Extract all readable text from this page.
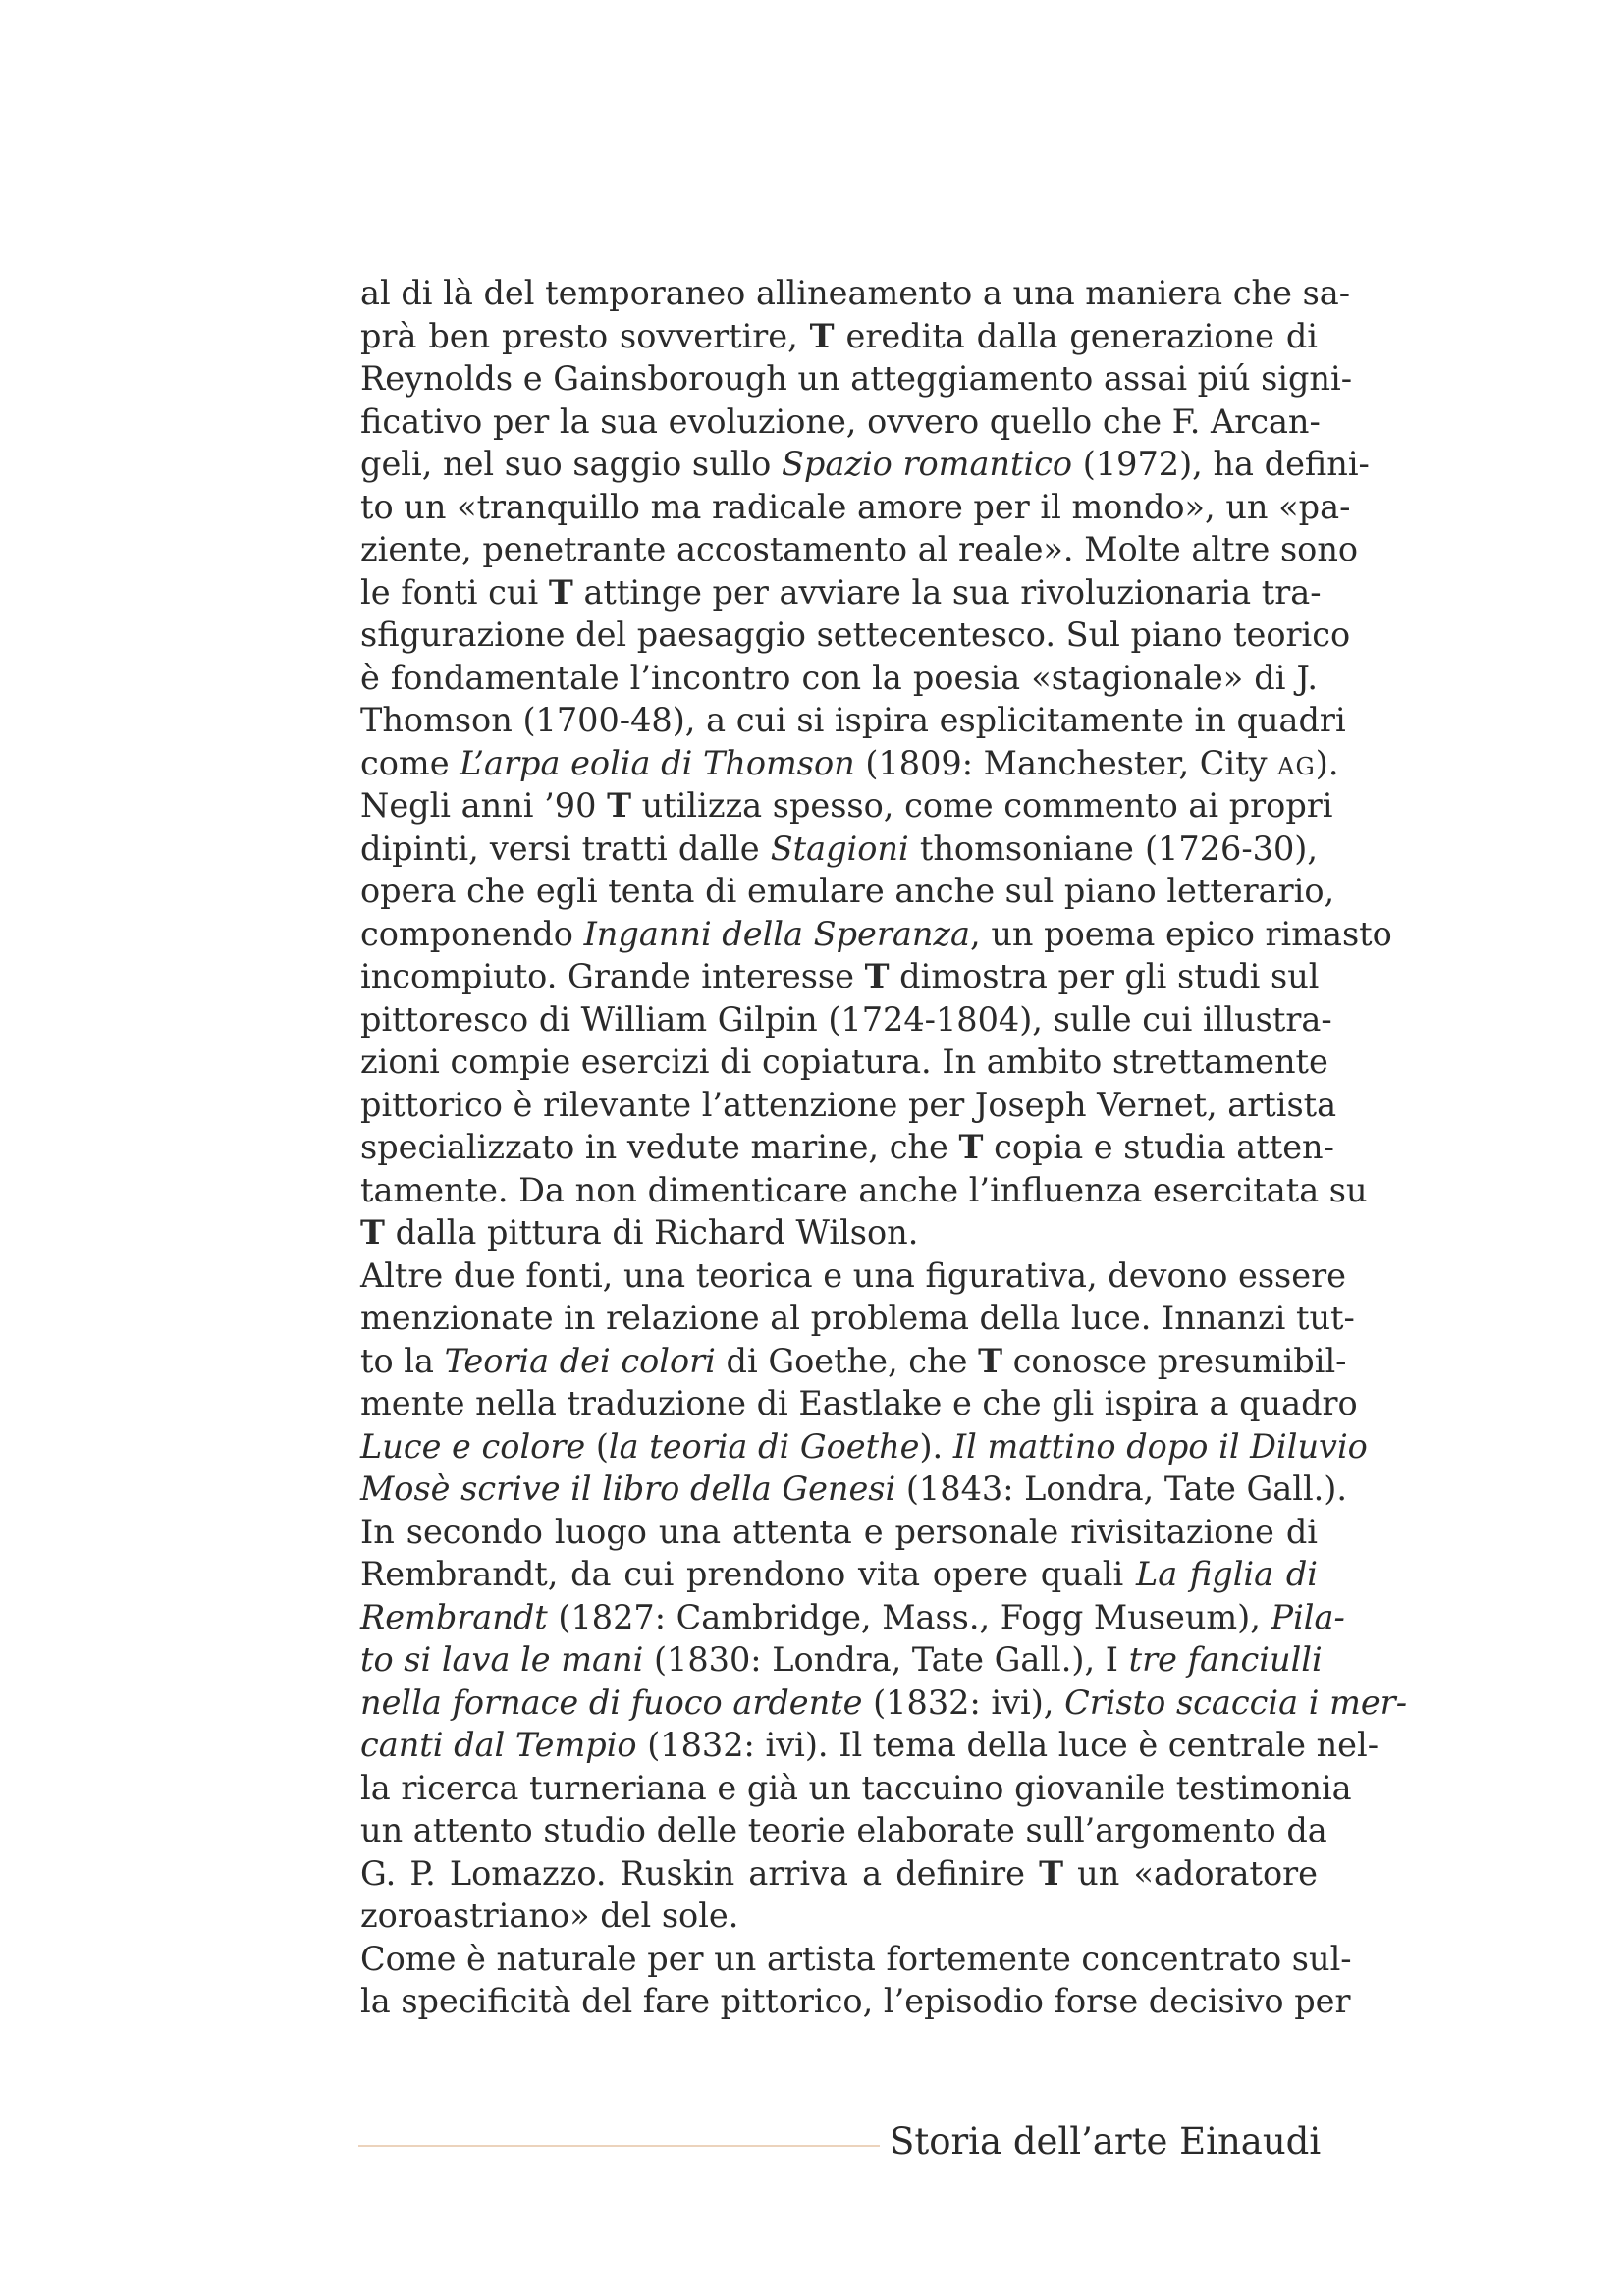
al di là del temporaneo allineamento a una maniera che sa-
prà ben presto sovvertire, T eredita dalla generazione di
Reynolds e Gainsborough un atteggiamento assai piú signi-
ficativo per la sua evoluzione, ovvero quello che F. Arcan-
geli, nel suo saggio sullo Spazio romantico (1972), ha defini-
to un «tranquillo ma radicale amore per il mondo», un «pa-
ziente, penetrante accostamento al reale». Molte altre sono
le fonti cui T attinge per avviare la sua rivoluzionaria tra-
sfigurazione del paesaggio settecentesco. Sul piano teorico
è fondamentale l’incontro con la poesia «stagionale» di J.
Thomson (1700-48), a cui si ispira esplicitamente in quadri
come L’arpa eolia di Thomson (1809: Manchester, City AG).
Negli anni ’90 T utilizza spesso, come commento ai propri
dipinti, versi tratti dalle Stagioni thomsoniane (1726-30),
opera che egli tenta di emulare anche sul piano letterario,
componendo Inganni della Speranza, un poema epico rimasto
incompiuto. Grande interesse T dimostra per gli studi sul
pittoresco di William Gilpin (1724-1804), sulle cui illustra-
zioni compie esercizi di copiatura. In ambito strettamente
pittorico è rilevante l’attenzione per Joseph Vernet, artista
specializzato in vedute marine, che T copia e studia atten-
tamente. Da non dimenticare anche l’influenza esercitata su
T dalla pittura di Richard Wilson.
Altre due fonti, una teorica e una figurativa, devono essere
menzionate in relazione al problema della luce. Innanzi tut-
to la Teoria dei colori di Goethe, che T conosce presumibil-
mente nella traduzione di Eastlake e che gli ispira a quadro
Luce e colore (la teoria di Goethe). Il mattino dopo il Diluvio
Mosè scrive il libro della Genesi (1843: Londra, Tate Gall.).
In secondo luogo una attenta e personale rivisitazione di
Rembrandt, da cui prendono vita opere quali La figlia di
Rembrandt (1827: Cambridge, Mass., Fogg Museum), Pila-
to si lava le mani (1830: Londra, Tate Gall.), I tre fanciulli
nella fornace di fuoco ardente (1832: ivi), Cristo scaccia i mer-
canti dal Tempio (1832: ivi). Il tema della luce è centrale nel-
la ricerca turneriana e già un taccuino giovanile testimonia
un attento studio delle teorie elaborate sull’argomento da
G. P. Lomazzo. Ruskin arriva a definire T un «adoratore
zoroastriano» del sole.
Come è naturale per un artista fortemente concentrato sul-
la specificità del fare pittorico, l’episodio forse decisivo per
Storia dell’arte Einaudi
